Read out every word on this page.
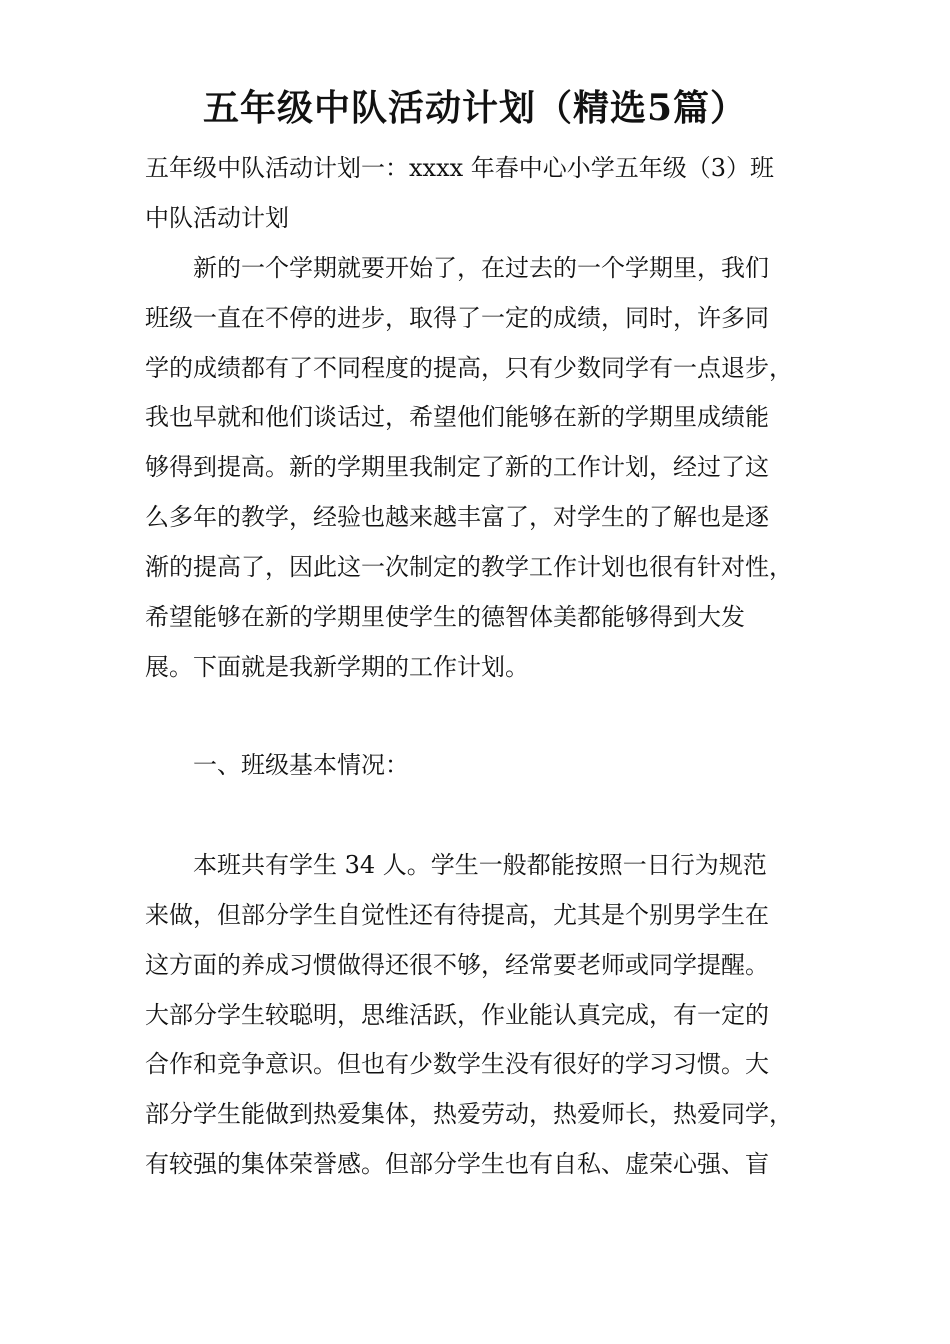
五年级中队活动计划（精选5篇）
五年级中队活动计划一：xxxx 年春中心小学五年级（3）班
中队活动计划
新的一个学期就要开始了，在过去的一个学期里，我们
班级一直在不停的进步，取得了一定的成绩，同时，许多同
学的成绩都有了不同程度的提高，只有少数同学有一点退步，
我也早就和他们谈话过，希望他们能够在新的学期里成绩能
够得到提高。新的学期里我制定了新的工作计划，经过了这
么多年的教学，经验也越来越丰富了，对学生的了解也是逐
渐的提高了，因此这一次制定的教学工作计划也很有针对性，
希望能够在新的学期里使学生的德智体美都能够得到大发
展。下面就是我新学期的工作计划。
一、班级基本情况：
本班共有学生 34 人。学生一般都能按照一日行为规范
来做，但部分学生自觉性还有待提高，尤其是个别男学生在
这方面的养成习惯做得还很不够，经常要老师或同学提醒。
大部分学生较聪明，思维活跃，作业能认真完成，有一定的
合作和竞争意识。但也有少数学生没有很好的学习习惯。大
部分学生能做到热爱集体，热爱劳动，热爱师长，热爱同学，
有较强的集体荣誉感。但部分学生也有自私、虚荣心强、盲
